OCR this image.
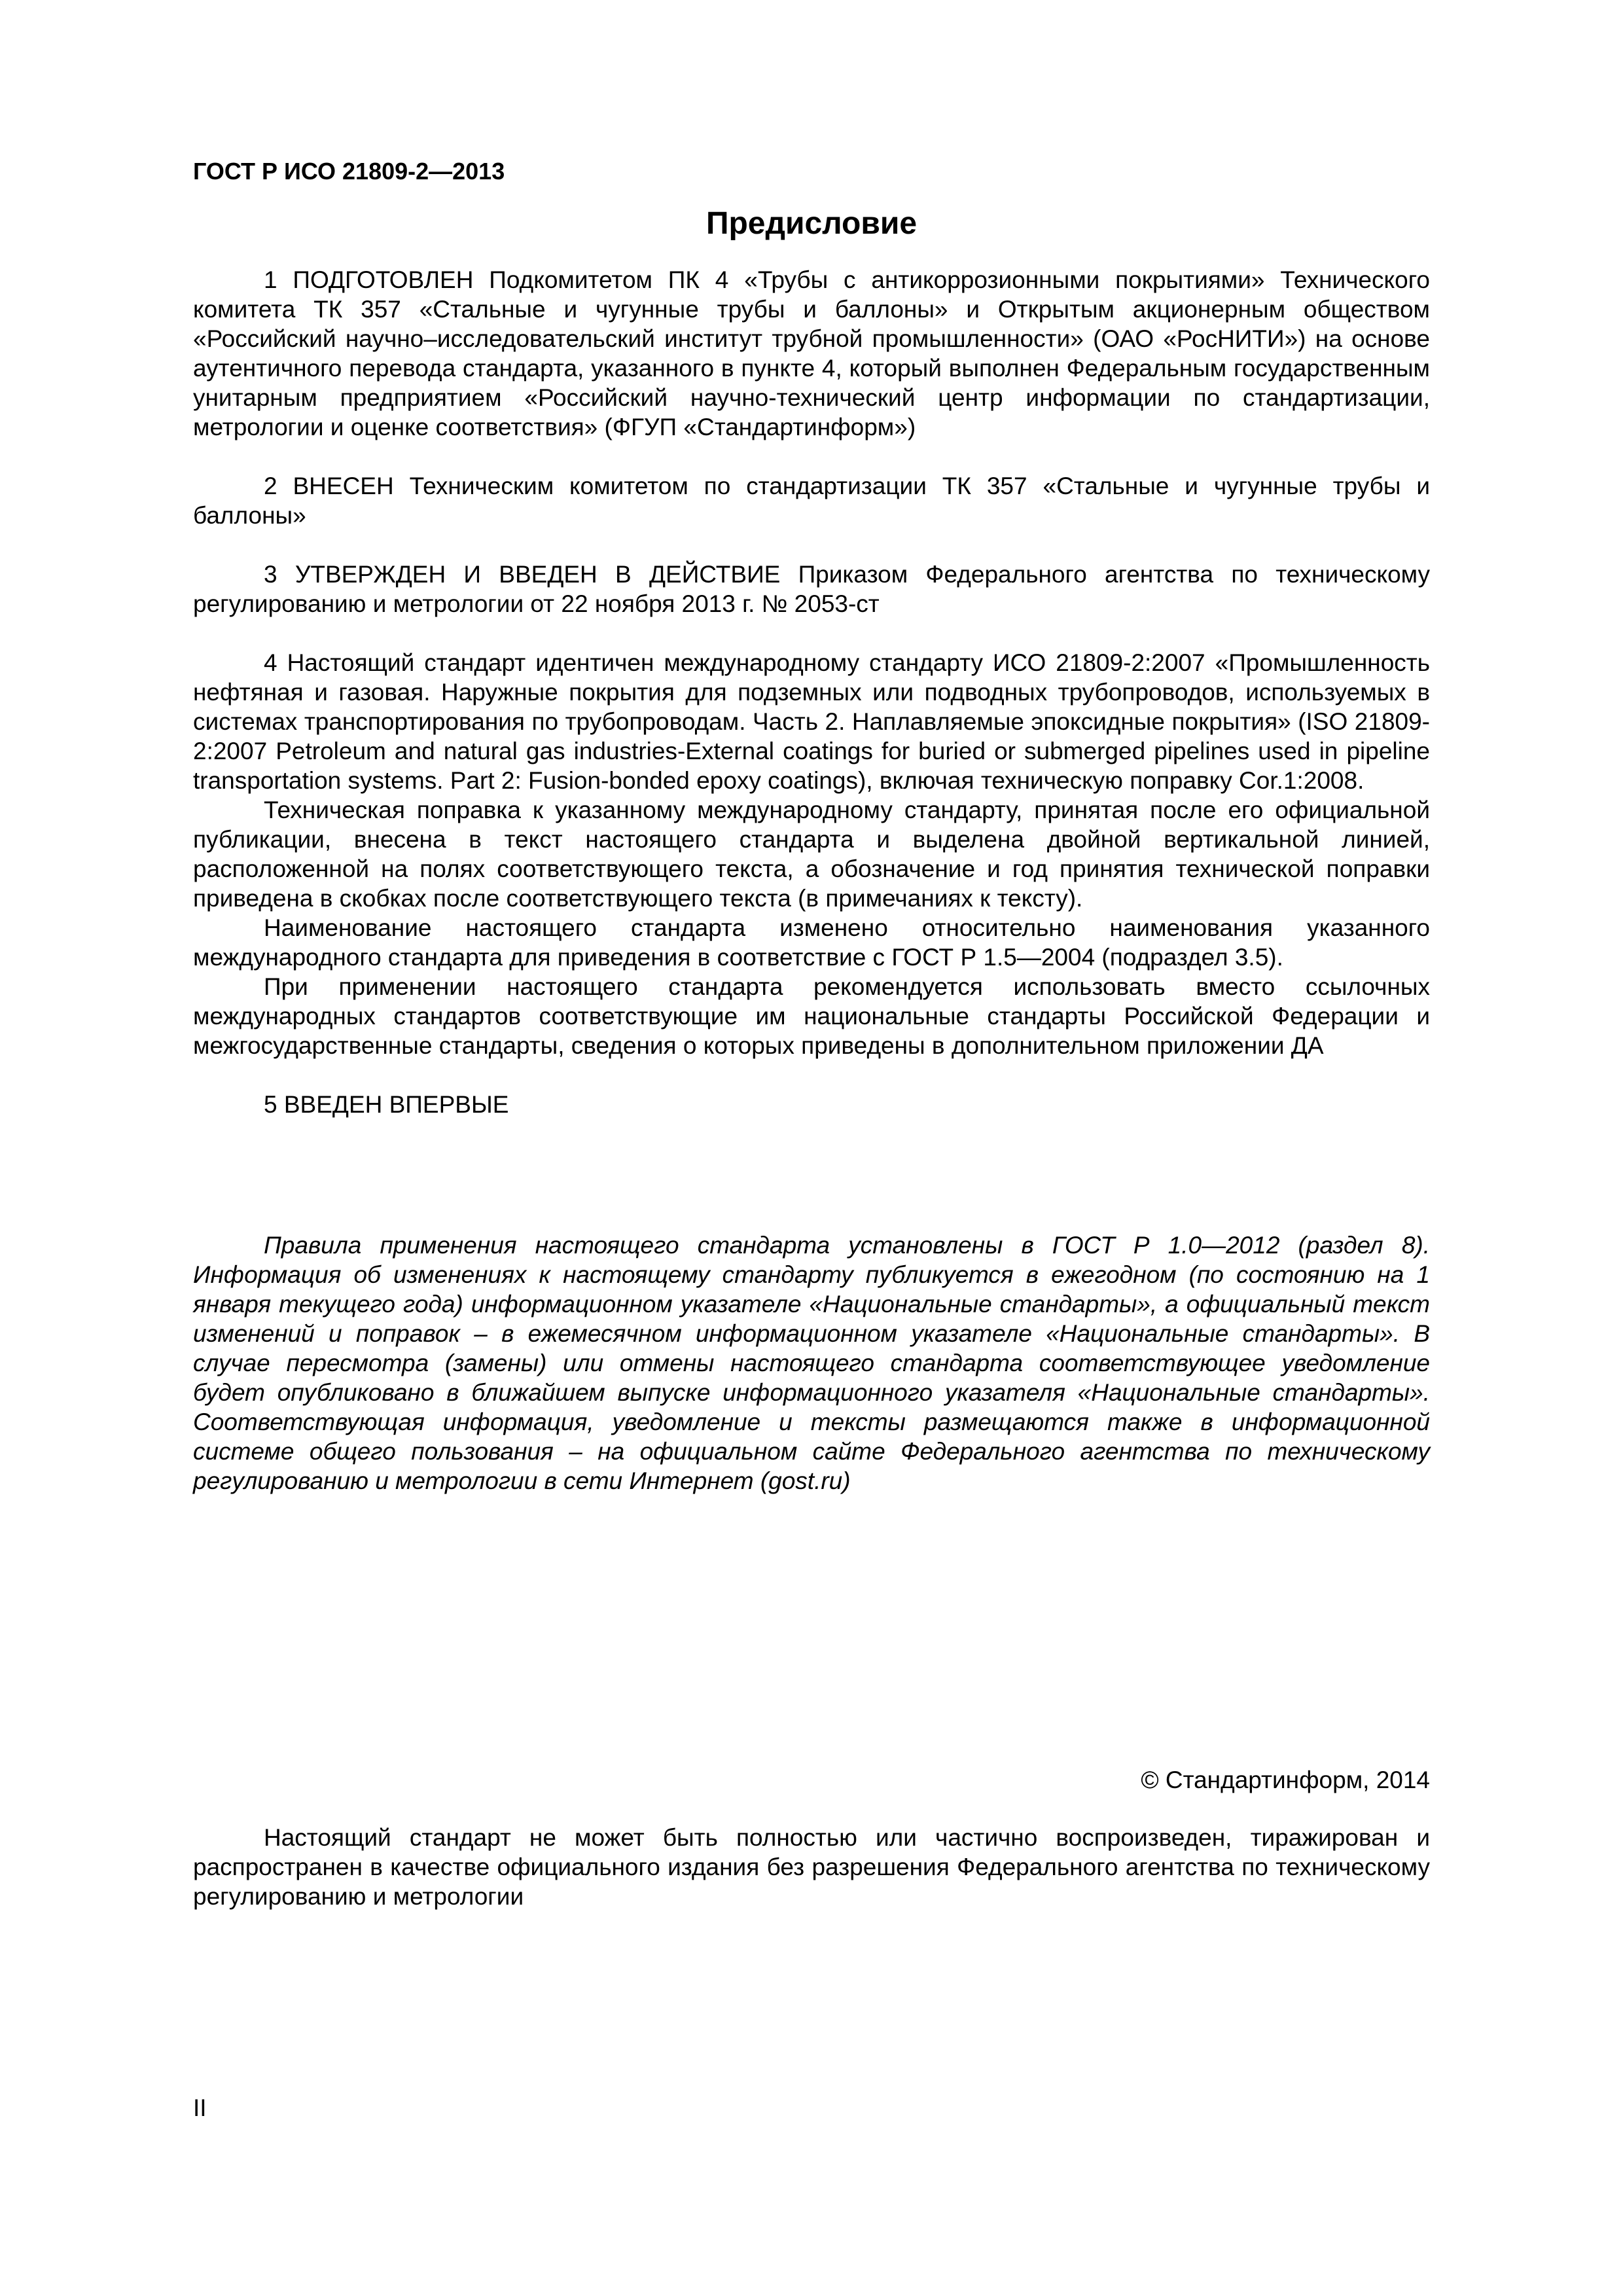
ГОСТ Р ИСО 21809-2—2013
Предисловие

1 ПОДГОТОВЛЕН Подкомитетом ПК 4 «Трубы с антикоррозионными покрытиями» Технического комитета ТК 357 «Стальные и чугунные трубы и баллоны» и Открытым акционерным обществом «Российский научно–исследовательский институт трубной промышленности» (ОАО «РосНИТИ») на основе аутентичного перевода стандарта, указанного в пункте 4, который выполнен Федеральным государственным унитарным предприятием «Российский научно-технический центр информации по стандартизации, метрологии и оценке соответствия» (ФГУП «Стандартинформ»)

2 ВНЕСЕН Техническим комитетом по стандартизации ТК 357 «Стальные и чугунные трубы и баллоны»

3 УТВЕРЖДЕН И ВВЕДЕН В ДЕЙСТВИЕ Приказом Федерального агентства по техническому регулированию и метрологии от 22 ноября 2013 г. № 2053-ст

4 Настоящий стандарт идентичен международному стандарту ИСО 21809-2:2007 «Промышленность нефтяная и газовая. Наружные покрытия для подземных или подводных трубопроводов, используемых в системах транспортирования по трубопроводам. Часть 2. Наплавляемые эпоксидные покрытия» (ISO 21809-2:2007 Petroleum and natural gas industries-External coatings for buried or submerged pipelines used in pipeline transportation systems. Part 2: Fusion-bonded epoxy coatings), включая техническую поправку Cor.1:2008.

Техническая поправка к указанному международному стандарту, принятая после его официальной публикации, внесена в текст настоящего стандарта и выделена двойной вертикальной линией, расположенной на полях соответствующего текста, а обозначение и год принятия технической поправки приведена в скобках после соответствующего текста (в примечаниях к тексту).

Наименование настоящего стандарта изменено относительно наименования указанного международного стандарта для приведения в соответствие с ГОСТ Р 1.5—2004 (подраздел 3.5).

При применении настоящего стандарта рекомендуется использовать вместо ссылочных международных стандартов соответствующие им национальные стандарты Российской Федерации и межгосударственные стандарты, сведения о которых приведены в дополнительном приложении ДА

5 ВВЕДЕН ВПЕРВЫЕ

Правила применения настоящего стандарта установлены в ГОСТ Р 1.0—2012 (раздел 8). Информация об изменениях к настоящему стандарту публикуется в ежегодном (по состоянию на 1 января текущего года) информационном указателе «Национальные стандарты», а официальный текст изменений и поправок – в ежемесячном информационном указателе «Национальные стандарты». В случае пересмотра (замены) или отмены настоящего стандарта соответствующее уведомление будет опубликовано в ближайшем выпуске информационного указателя «Национальные стандарты». Соответствующая информация, уведомление и тексты размещаются также в информационной системе общего пользования – на официальном сайте Федерального агентства по техническому регулированию и метрологии в сети Интернет (gost.ru)

© Стандартинформ, 2014

Настоящий стандарт не может быть полностью или частично воспроизведен, тиражирован и распространен в качестве официального издания без разрешения Федерального агентства по техническому регулированию и метрологии

II
